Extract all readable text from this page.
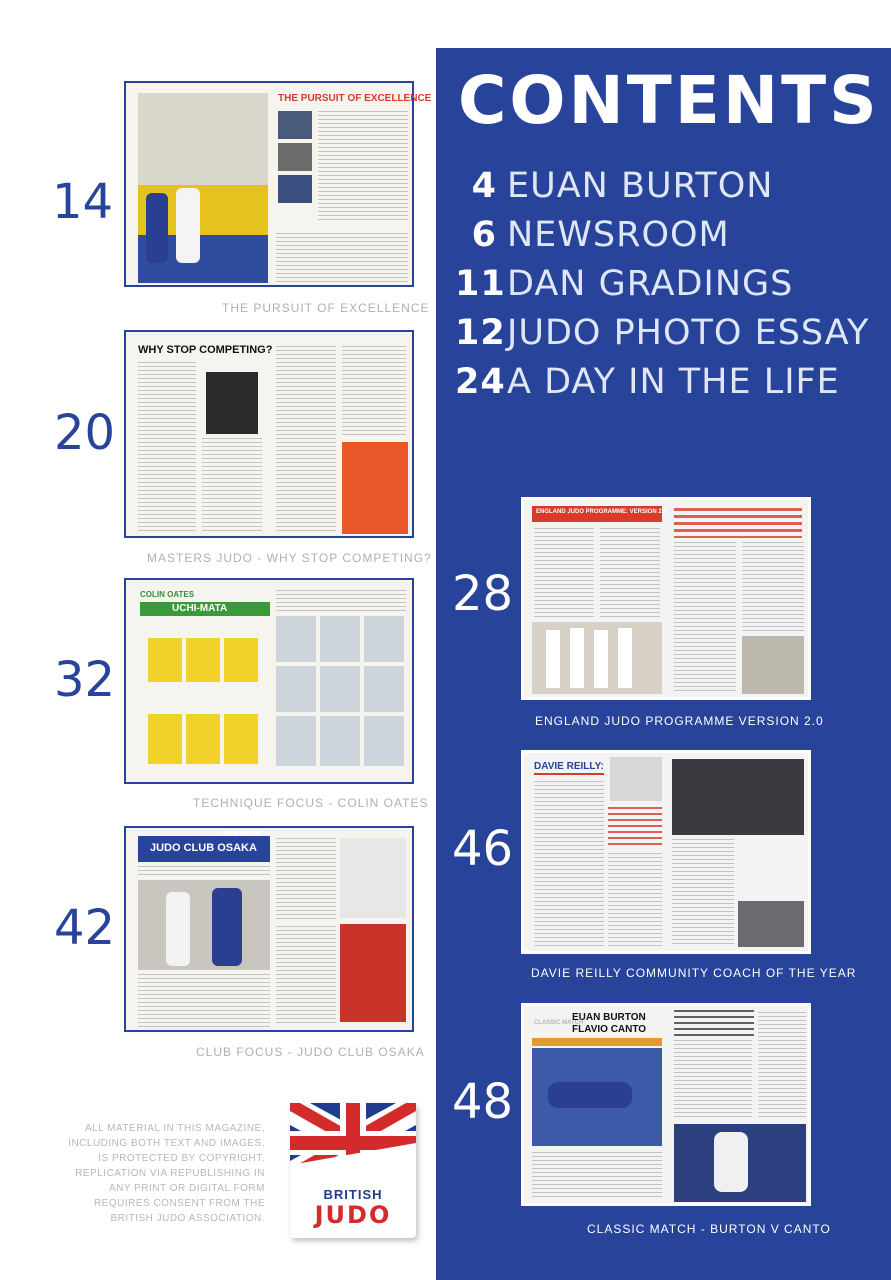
CONTENTS
4 EUAN BURTON
6 NEWSROOM
11 DAN GRADINGS
12 JUDO PHOTO ESSAY
24 A DAY IN THE LIFE
14
THE PURSUIT OF EXCELLENCE
THE PURSUIT OF EXCELLENCE
20
WHY STOP COMPETING?
MASTERS JUDO - WHY STOP COMPETING?
32
COLIN OATES
UCHI-MATA
TECHNIQUE FOCUS - COLIN OATES
42
CLUB FOCUS
JUDO CLUB OSAKA
CLUB FOCUS - JUDO CLUB OSAKA
28
ENGLAND JUDO PROGRAMME: VERSION 2.0
ENGLAND JUDO PROGRAMME VERSION 2.0
46
DAVIE REILLY:
DAVIE REILLY COMMUNITY COACH OF THE YEAR
48
CLASSIC MATCH
EUAN BURTON
FLAVIO CANTO
CLASSIC MATCH - BURTON V CANTO
ALL MATERIAL IN THIS MAGAZINE, INCLUDING BOTH TEXT AND IMAGES, IS PROTECTED BY COPYRIGHT. REPLICATION VIA REPUBLISHING IN ANY PRINT OR DIGITAL FORM REQUIRES CONSENT FROM THE BRITISH JUDO ASSOCIATION.
BRITISH
JUDO
